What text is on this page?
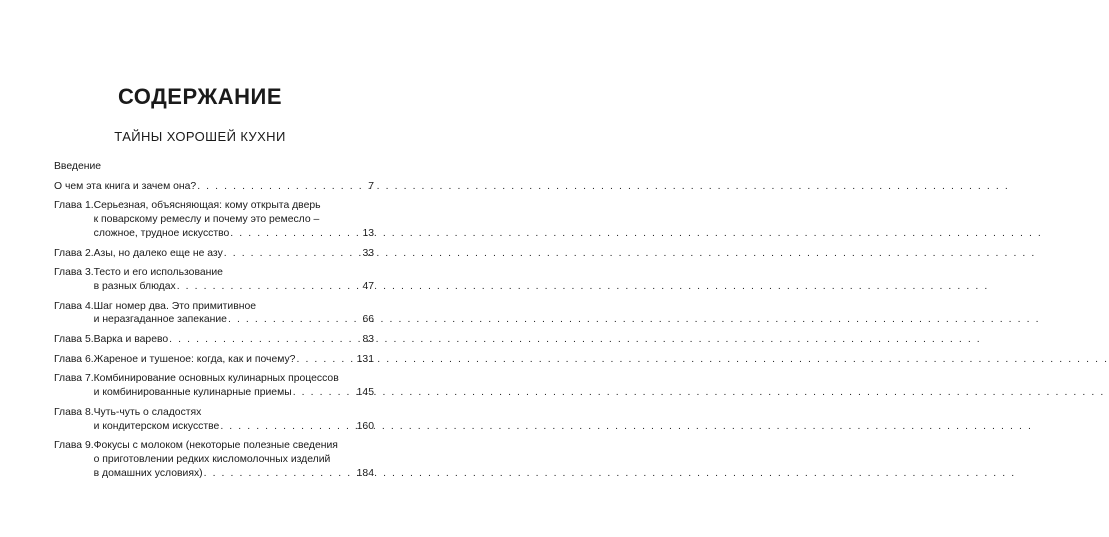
СОДЕРЖАНИЕ
ТАЙНЫ ХОРОШЕЙ КУХНИ
Введение
О чем эта книга и зачем она? . . .	7
Глава 1. Серьезная, объясняющая: кому открыта дверь
к поварскому ремеслу и почему это ремесло –
сложное, трудное искусство . . .	13
Глава 2. Азы, но далеко еще не азу . . .	33
Глава 3. Тесто и его использование
в разных блюдах . . .	47
Глава 4. Шаг номер два. Это примитивное
и неразгаданное запекание . . .	66
Глава 5. Варка и варево . . .	83
Глава 6. Жареное и тушеное: когда, как и почему? . . .	131
Глава 7. Комбинирование основных кулинарных процессов
и комбинированные кулинарные приемы . . .	145
Глава 8. Чуть-чуть о сладостях
и кондитерском искусстве . . .	160
Глава 9. Фокусы с молоком (некоторые полезные сведения
о приготовлении редких кисломолочных изделий
в домашних условиях) . . .	184
